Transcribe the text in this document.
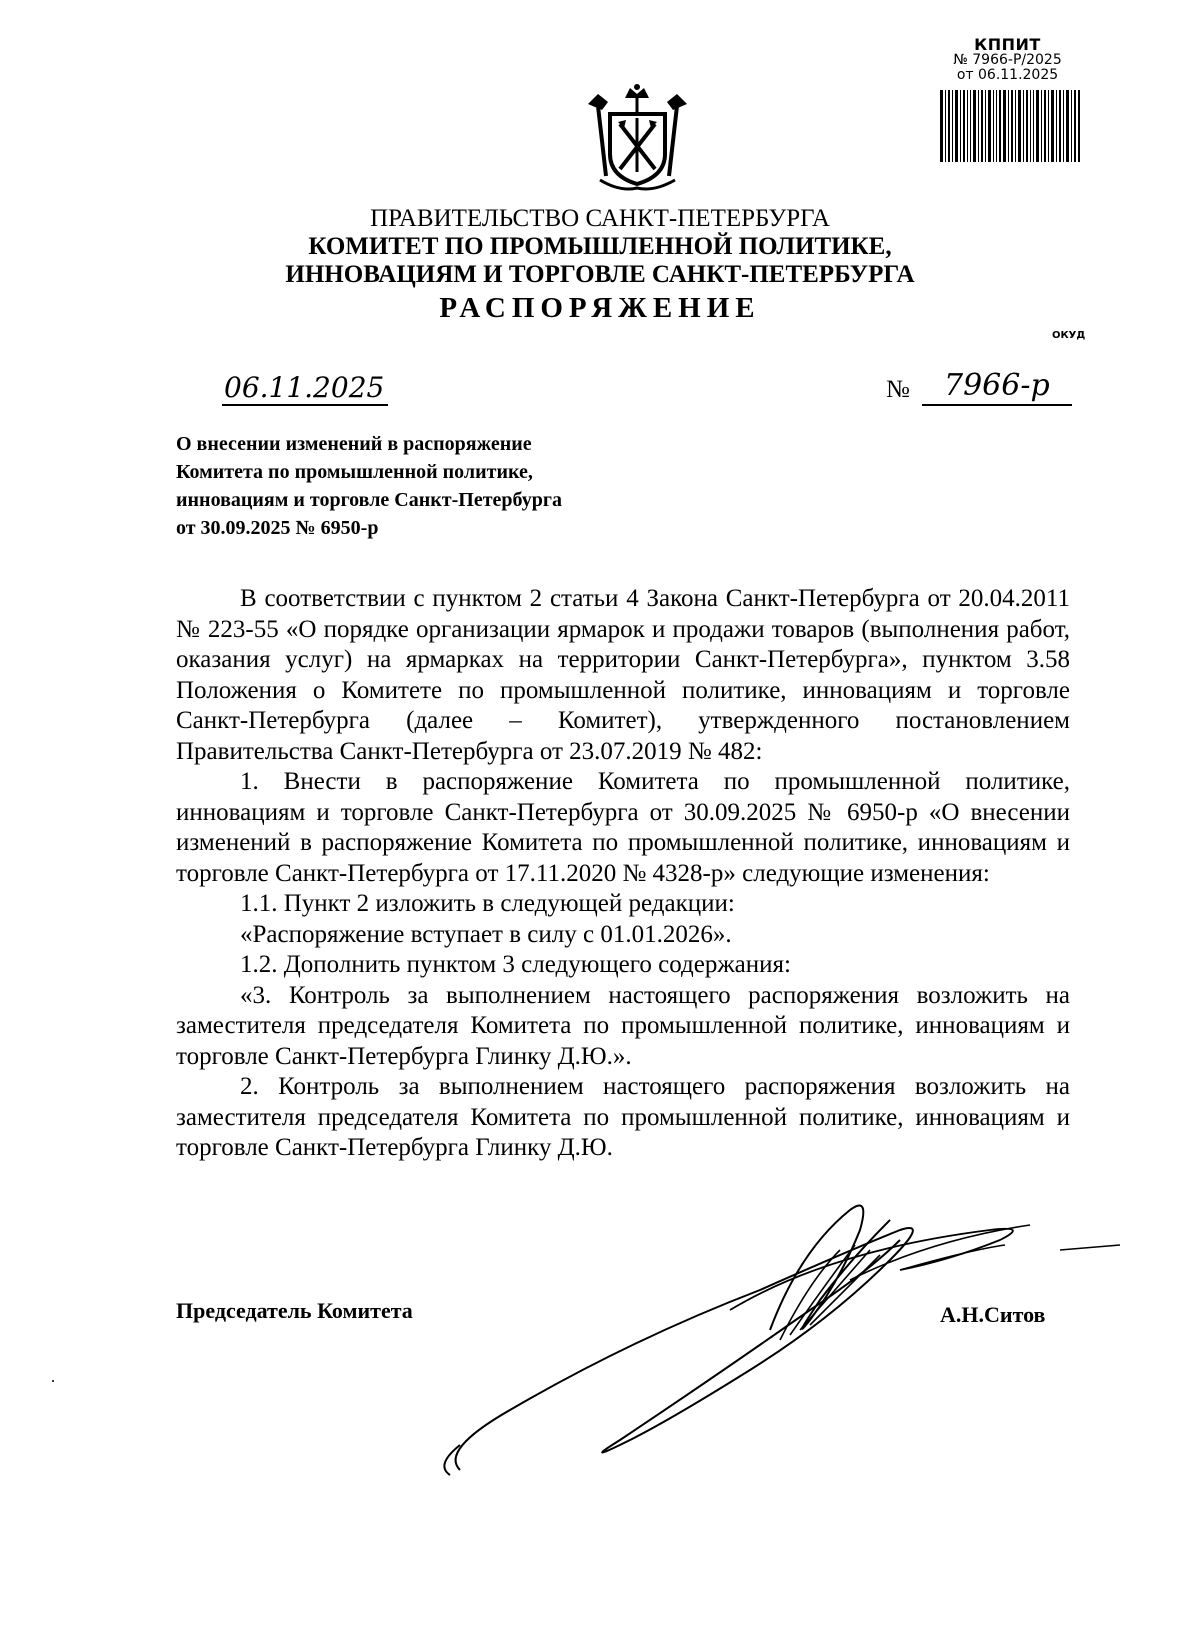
КППИТ
№ 7966-Р/2025
от 06.11.2025
ПРАВИТЕЛЬСТВО САНКТ-ПЕТЕРБУРГА
КОМИТЕТ ПО ПРОМЫШЛЕННОЙ ПОЛИТИКЕ,
ИННОВАЦИЯМ И ТОРГОВЛЕ САНКТ-ПЕТЕРБУРГА
РАСПОРЯЖЕНИЕ
ОКУД
06.11.2025	№ 7966-р
О внесении изменений в распоряжение
Комитета по промышленной политике,
инновациям и торговле Санкт-Петербурга
от 30.09.2025 № 6950-р

В соответствии с пунктом 2 статьи 4 Закона Санкт-Петербурга от 20.04.2011 № 223-55 «О порядке организации ярмарок и продажи товаров (выполнения работ, оказания услуг) на ярмарках на территории Санкт-Петербурга», пунктом 3.58 Положения о Комитете по промышленной политике, инновациям и торговле Санкт-Петербурга (далее – Комитет), утвержденного постановлением Правительства Санкт-Петербурга от 23.07.2019 № 482:

1. Внести в распоряжение Комитета по промышленной политике, инновациям и торговле Санкт-Петербурга от 30.09.2025 № 6950-р «О внесении изменений в распоряжение Комитета по промышленной политике, инновациям и торговле Санкт-Петербурга от 17.11.2020 № 4328-р» следующие изменения:

1.1. Пункт 2 изложить в следующей редакции:

«Распоряжение вступает в силу с 01.01.2026».

1.2. Дополнить пунктом 3 следующего содержания:

«3. Контроль за выполнением настоящего распоряжения возложить на заместителя председателя Комитета по промышленной политике, инновациям и торговле Санкт-Петербурга Глинку Д.Ю.».

2. Контроль за выполнением настоящего распоряжения возложить на заместителя председателя Комитета по промышленной политике, инновациям и торговле Санкт-Петербурга Глинку Д.Ю.

Председатель Комитета	А.Н.Ситов
